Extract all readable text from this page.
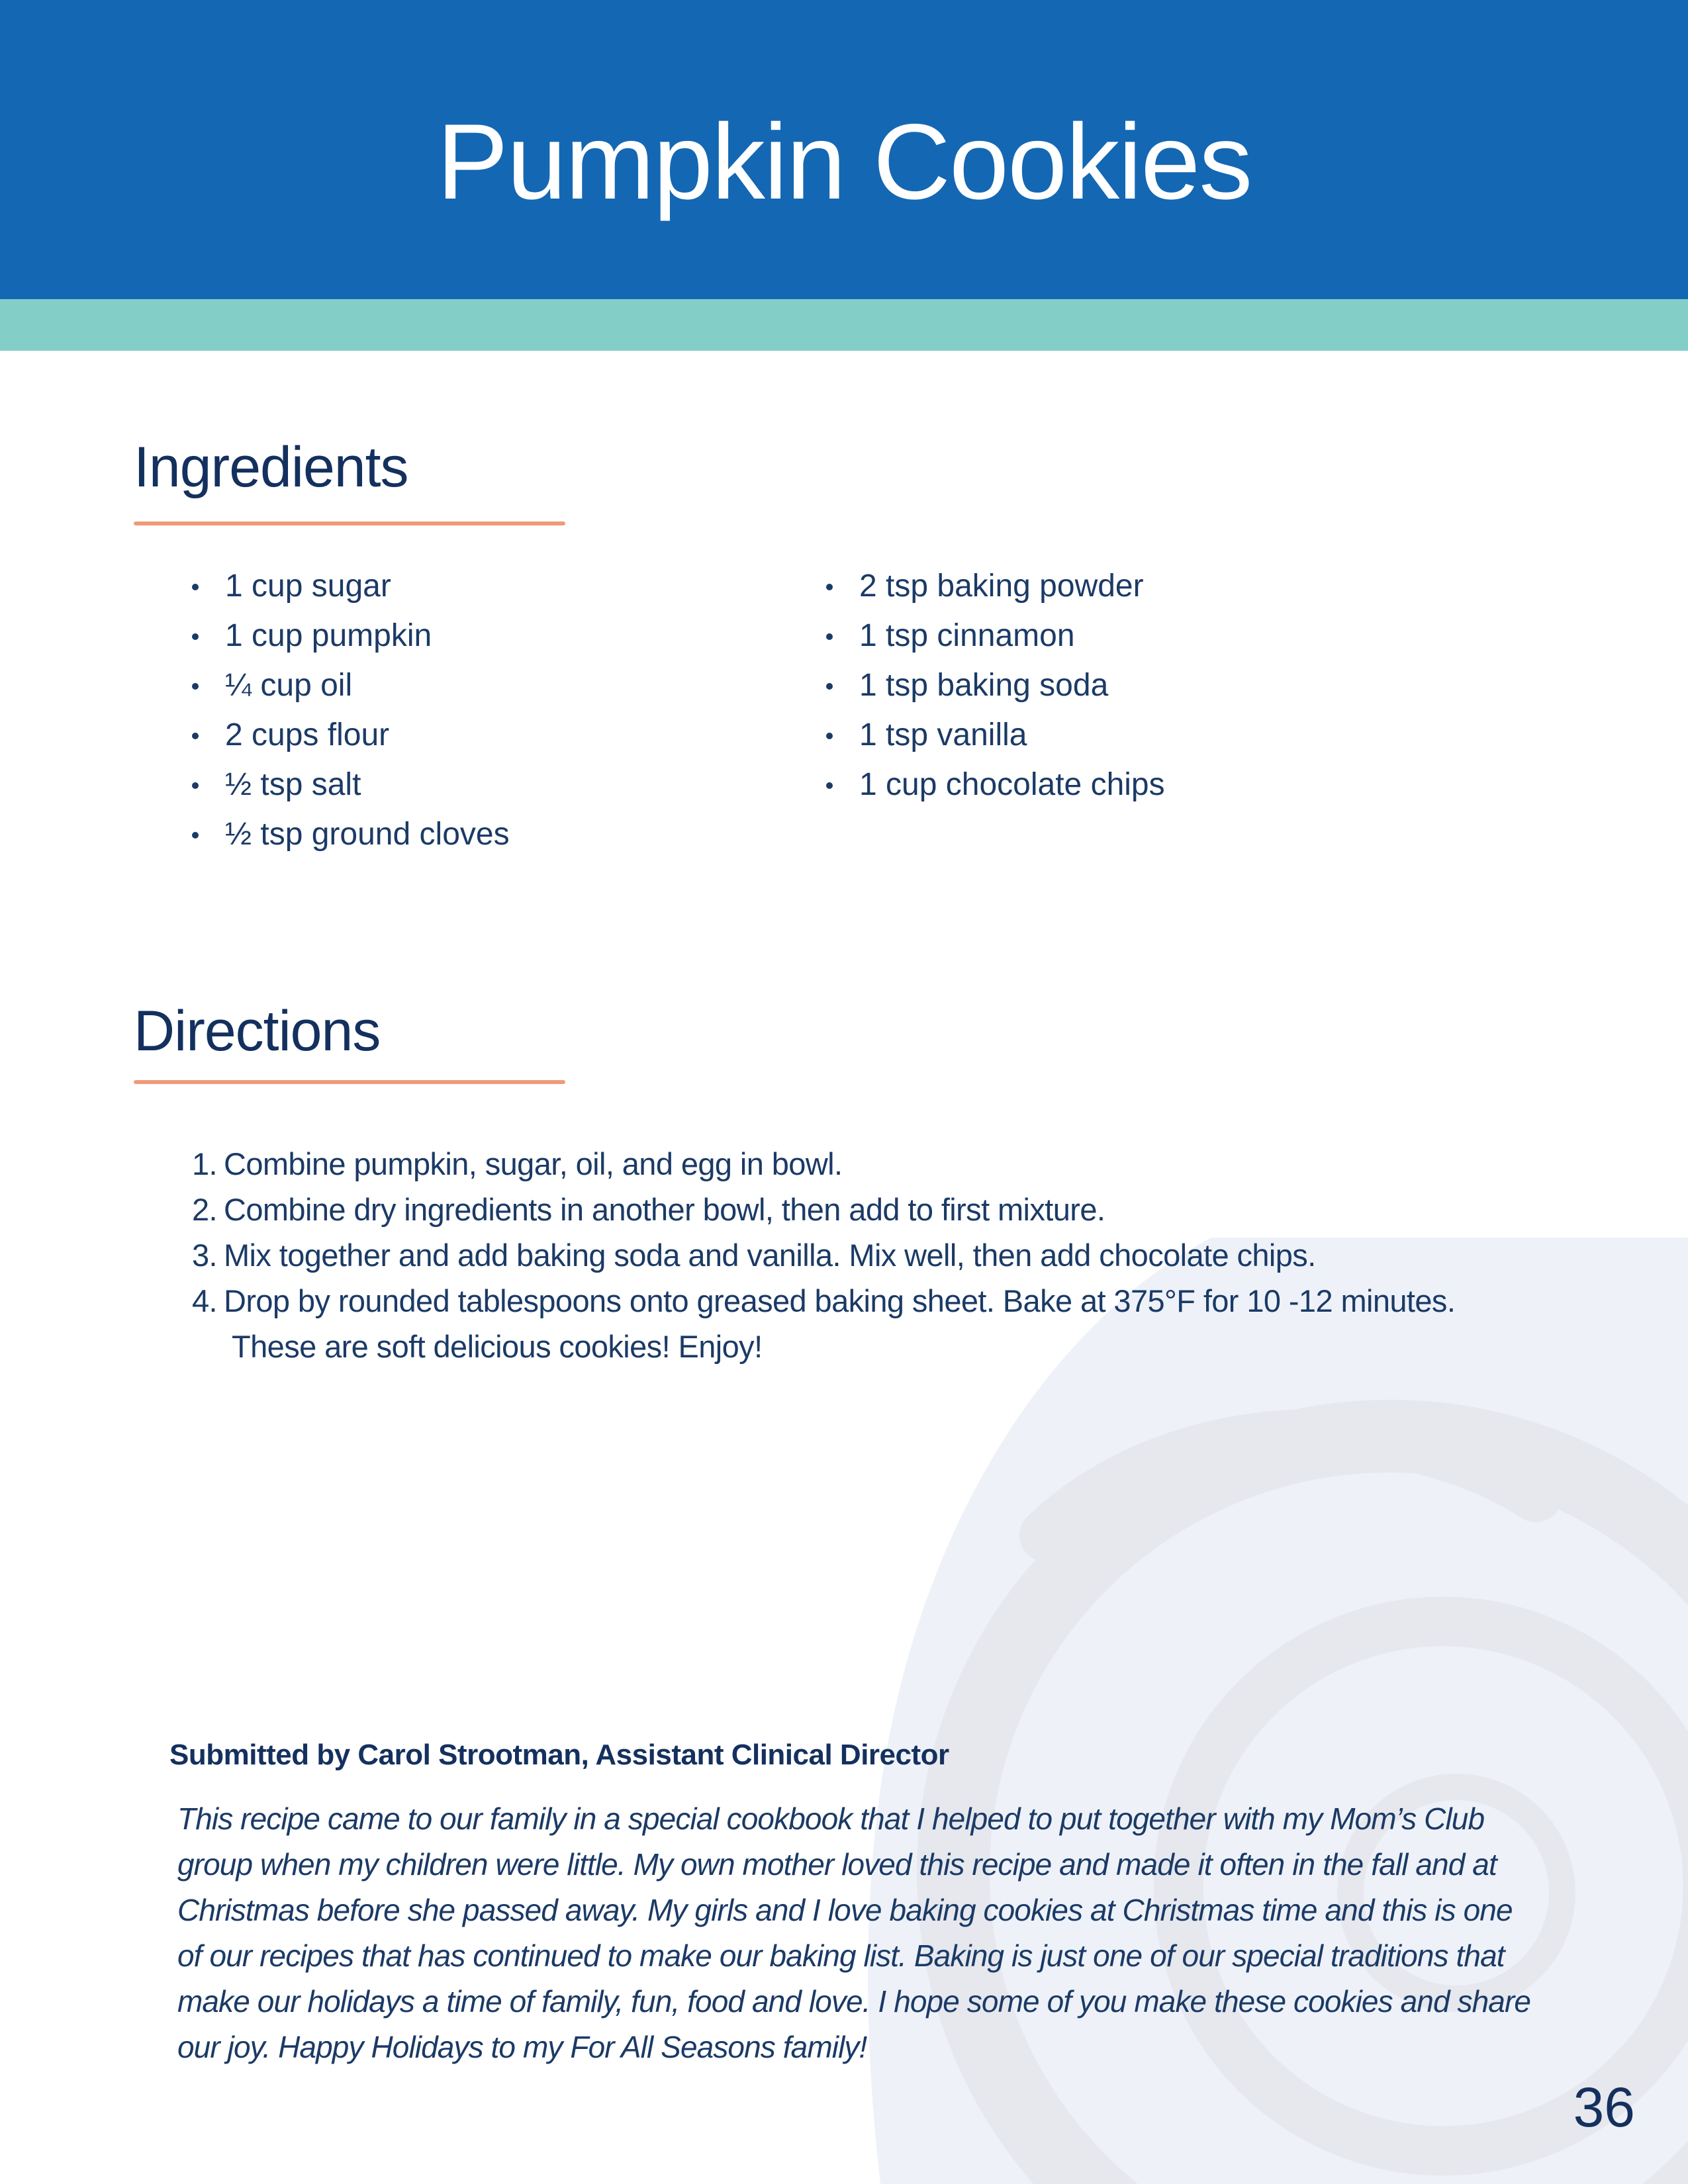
Pumpkin Cookies
Ingredients
1 cup sugar
1 cup pumpkin
¼ cup oil
2 cups flour
½ tsp salt
½ tsp ground cloves
2 tsp baking powder
1 tsp cinnamon
1 tsp baking soda
1 tsp vanilla
1 cup chocolate chips
Directions
1. Combine pumpkin, sugar, oil, and egg in bowl.
2. Combine dry ingredients in another bowl, then add to first mixture.
3. Mix together and add baking soda and vanilla. Mix well, then add chocolate chips.
4. Drop by rounded tablespoons onto greased baking sheet. Bake at 375°F for 10 -12 minutes.
These are soft delicious cookies! Enjoy!
Submitted by Carol Strootman, Assistant Clinical Director
This recipe came to our family in a special cookbook that I helped to put together with my Mom’s Club group when my children were little. My own mother loved this recipe and made it often in the fall and at Christmas before she passed away. My girls and I love baking cookies at Christmas time and this is one of our recipes that has continued to make our baking list. Baking is just one of our special traditions that make our holidays a time of family, fun, food and love. I hope some of you make these cookies and share our joy. Happy Holidays to my For All Seasons family!
36
